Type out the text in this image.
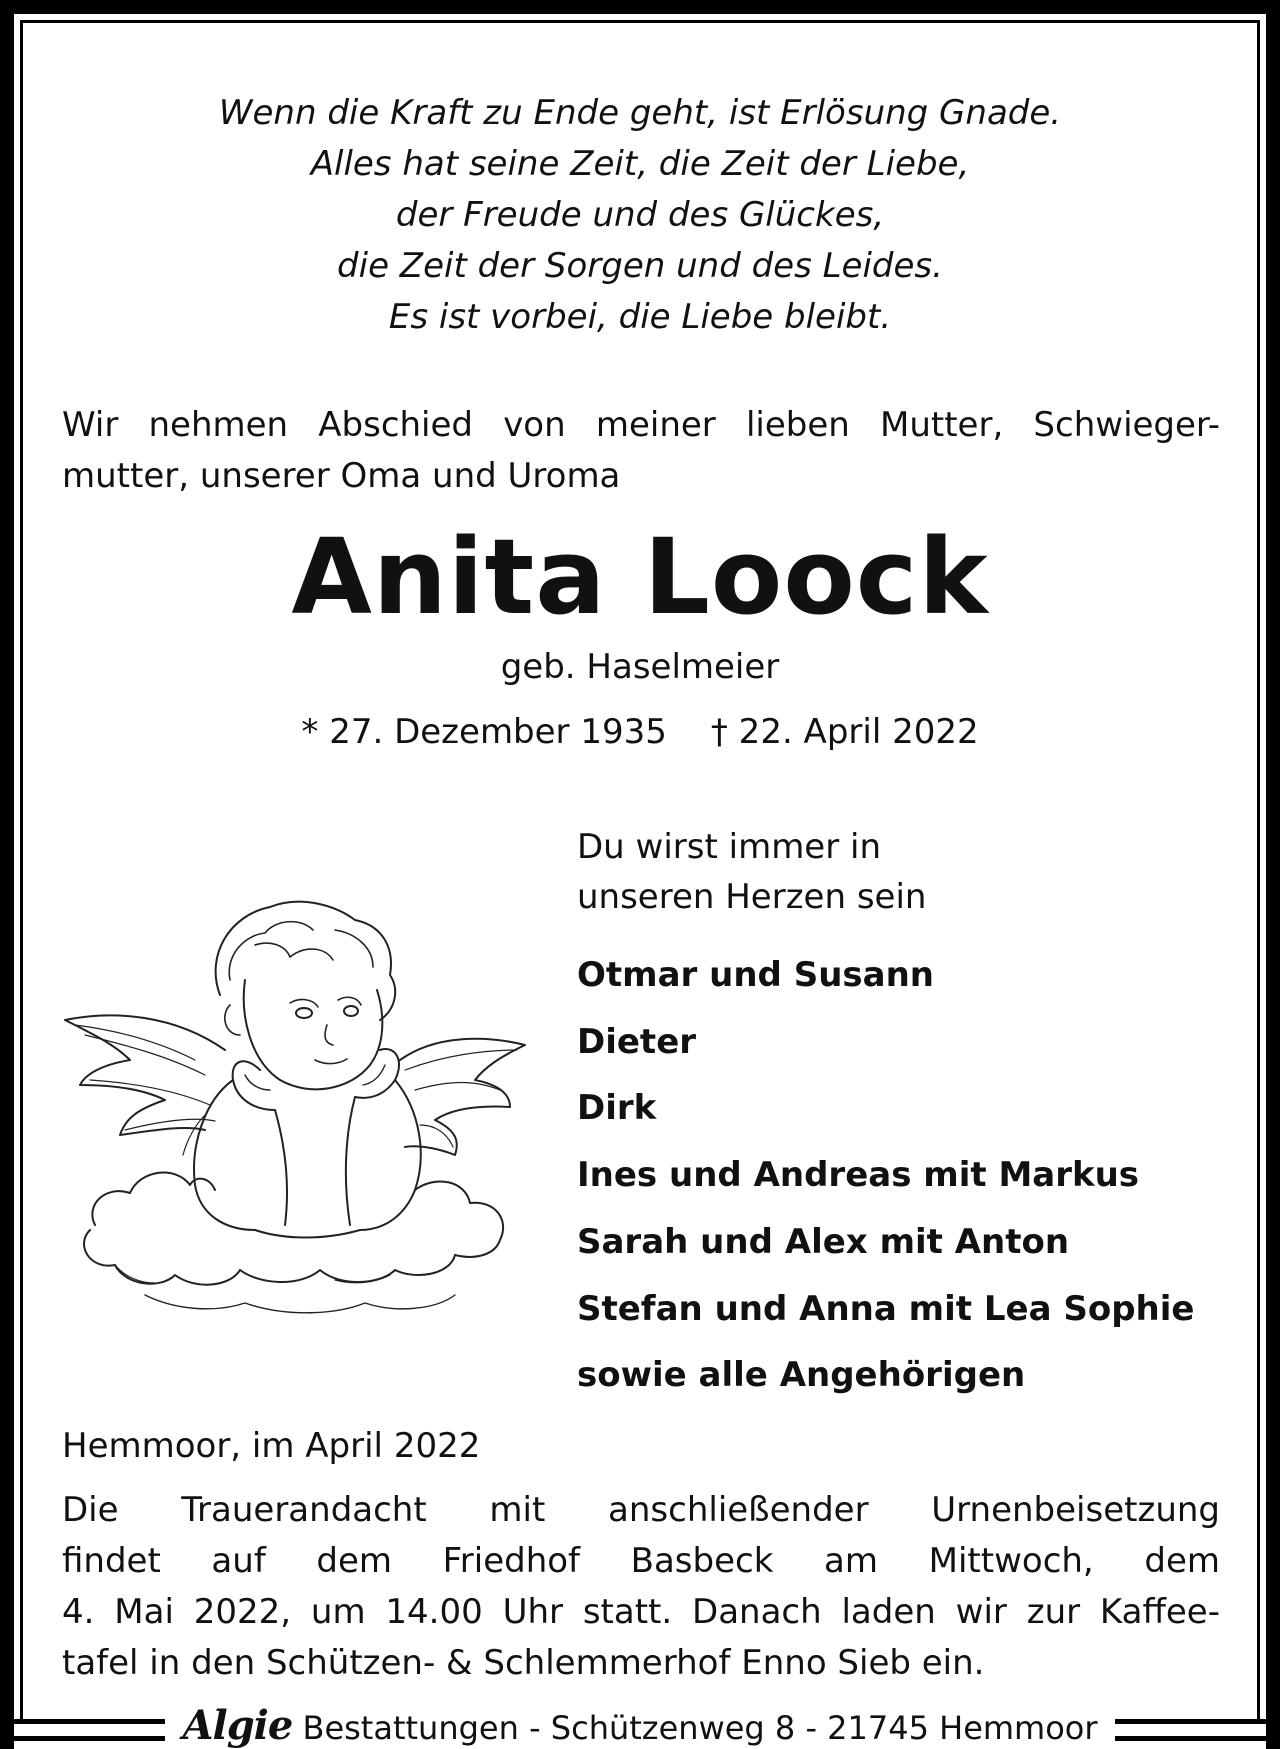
Wenn die Kraft zu Ende geht, ist Erlösung Gnade.
Alles hat seine Zeit, die Zeit der Liebe,
der Freude und des Glückes,
die Zeit der Sorgen und des Leides.
Es ist vorbei, die Liebe bleibt.
Wir nehmen Abschied von meiner lieben Mutter, Schwieger-
mutter, unserer Oma und Uroma
Anita Loock
geb. Haselmeier
* 27. Dezember 1935 † 22. April 2022
Du wirst immer in
unseren Herzen sein
Otmar und Susann
Dieter
Dirk
Ines und Andreas mit Markus
Sarah und Alex mit Anton
Stefan und Anna mit Lea Sophie
sowie alle Angehörigen
Hemmoor, im April 2022
Die Trauerandacht mit anschließender Urnenbeisetzung
findet auf dem Friedhof Basbeck am Mittwoch, dem
4. Mai 2022, um 14.00 Uhr statt. Danach laden wir zur Kaffee-
tafel in den Schützen- & Schlemmerhof Enno Sieb ein.
Algie Bestattungen - Schützenweg 8 - 21745 Hemmoor
